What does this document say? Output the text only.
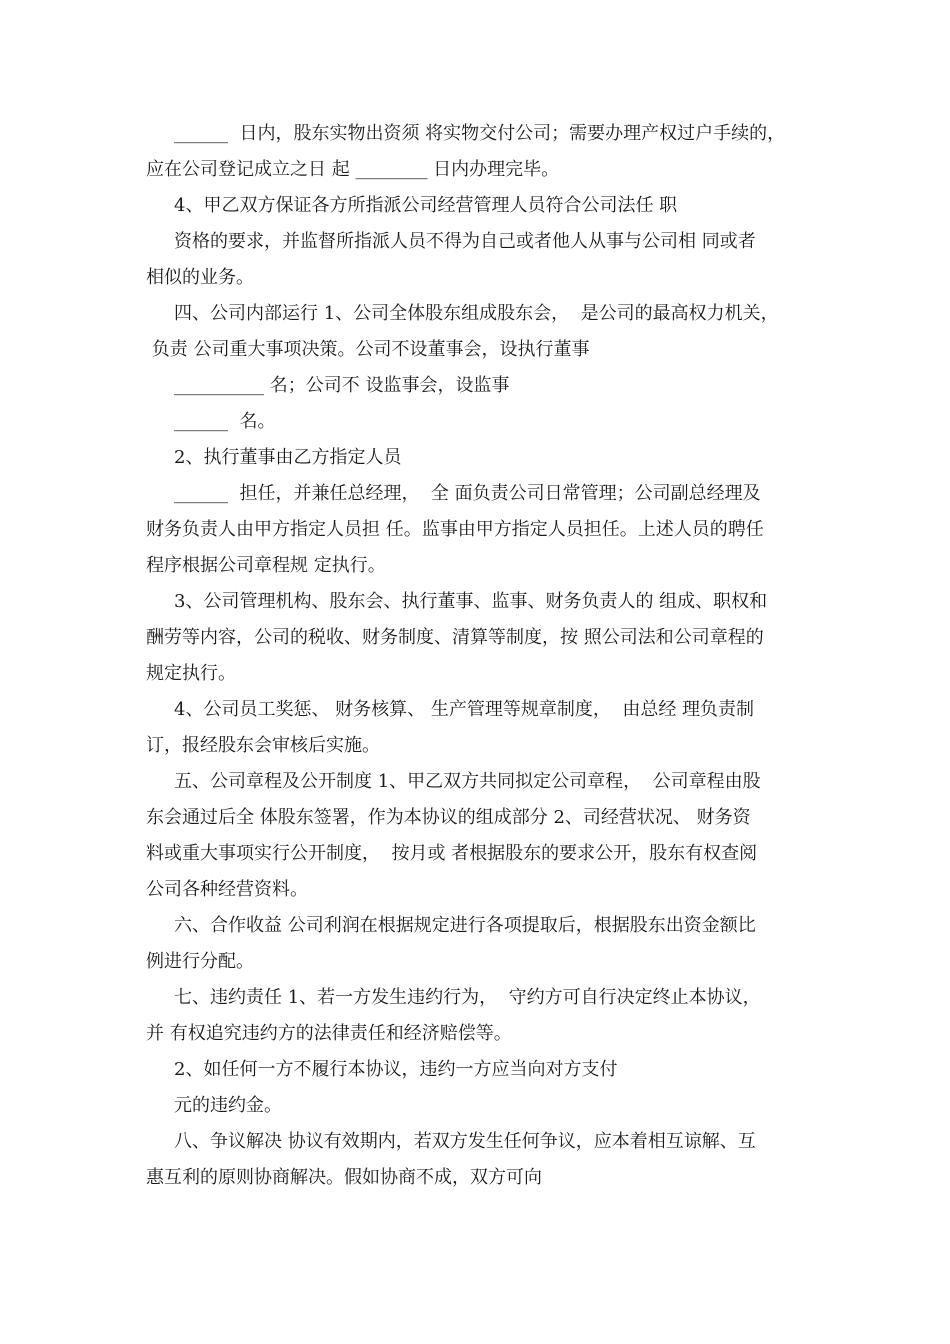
______  日内，股东实物出资须 将实物交付公司；需要办理产权过户手续的，
应在公司登记成立之日 起 ________ 日内办理完毕。
4、甲乙双方保证各方所指派公司经营管理人员符合公司法任 职
资格的要求，并监督所指派人员不得为自己或者他人从事与公司相 同或者
相似的业务。
四、公司内部运行 1、公司全体股东组成股东会，  是公司的最高权力机关，
负责 公司重大事项决策。公司不设董事会，设执行董事
__________ 名；公司不 设监事会，设监事
______  名。
2、执行董事由乙方指定人员
______  担任，并兼任总经理，  全 面负责公司日常管理；公司副总经理及
财务负责人由甲方指定人员担 任。监事由甲方指定人员担任。上述人员的聘任
程序根据公司章程规 定执行。
3、公司管理机构、股东会、执行董事、监事、财务负责人的 组成、职权和
酬劳等内容，公司的税收、财务制度、清算等制度，按 照公司法和公司章程的
规定执行。
4、公司员工奖惩、 财务核算、 生产管理等规章制度，  由总经 理负责制
订，报经股东会审核后实施。
五、公司章程及公开制度 1、甲乙双方共同拟定公司章程，  公司章程由股
东会通过后全 体股东签署，作为本协议的组成部分 2、司经营状况、 财务资
料或重大事项实行公开制度，  按月或 者根据股东的要求公开，股东有权查阅
公司各种经营资料。
六、合作收益 公司利润在根据规定进行各项提取后，根据股东出资金额比
例进行分配。
七、违约责任 1、若一方发生违约行为，  守约方可自行决定终止本协议，
并 有权追究违约方的法律责任和经济赔偿等。
2、如任何一方不履行本协议，违约一方应当向对方支付
元的违约金。
八、争议解决 协议有效期内，若双方发生任何争议，应本着相互谅解、互
惠互利的原则协商解决。假如协商不成，双方可向
